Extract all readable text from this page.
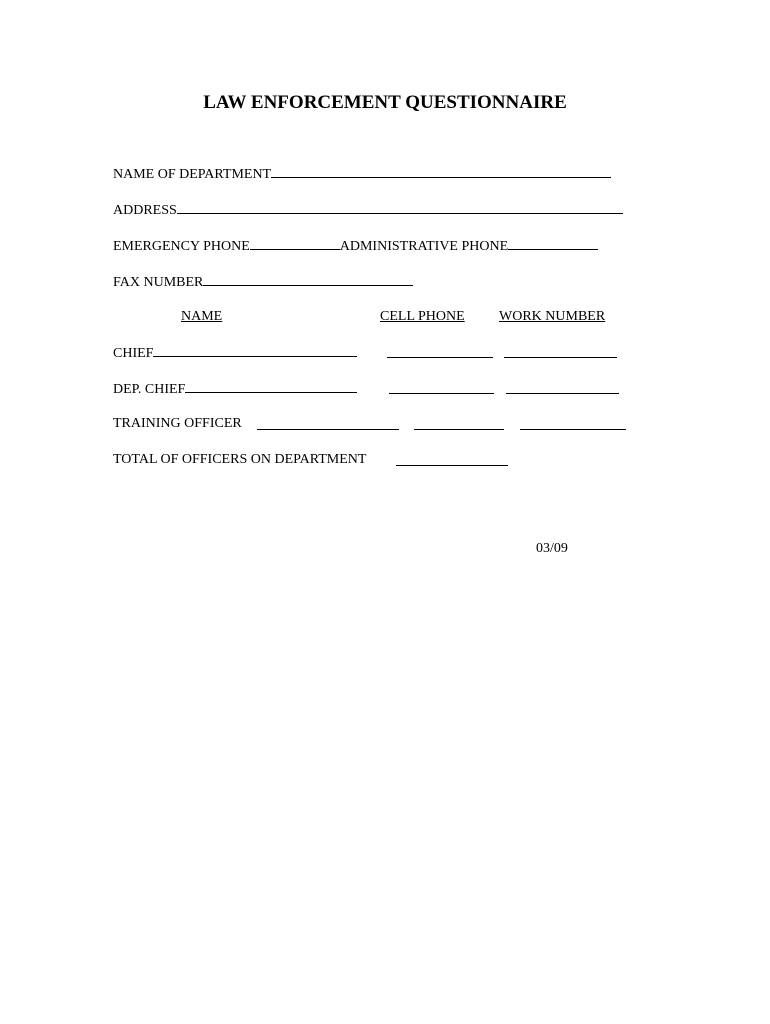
LAW ENFORCEMENT QUESTIONNAIRE
NAME OF DEPARTMENT
ADDRESS
EMERGENCY PHONE	ADMINISTRATIVE PHONE
FAX NUMBER
NAME	CELL PHONE WORK NUMBER
CHIEF
DEP. CHIEF
TRAINING OFFICER
TOTAL OF OFFICERS ON DEPARTMENT
03/09
